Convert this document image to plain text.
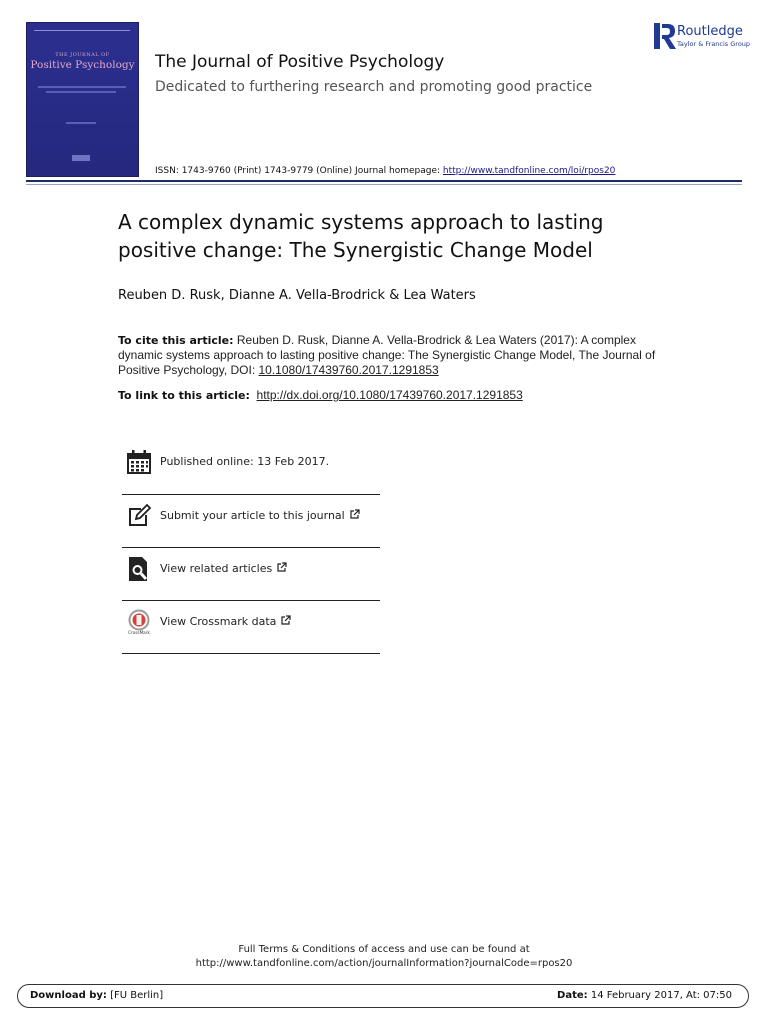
THE JOURNAL OF
Positive Psychology The Journal of Positive Psychology
Dedicated to furthering research and promoting good practice
ISSN: 1743-9760 (Print) 1743-9779 (Online) Journal homepage: http://www.tandfonline.com/loi/rpos20
Routledge
Taylor & Francis Group
A complex dynamic systems approach to lasting positive change: The Synergistic Change Model
Reuben D. Rusk, Dianne A. Vella-Brodrick & Lea Waters
To cite this article: Reuben D. Rusk, Dianne A. Vella-Brodrick & Lea Waters (2017): A complex dynamic systems approach to lasting positive change: The Synergistic Change Model, The Journal of Positive Psychology, DOI: 10.1080/17439760.2017.1291853
To link to this article: http://dx.doi.org/10.1080/17439760.2017.1291853
Published online: 13 Feb 2017.
Submit your article to this journal
View related articles
CrossMark
View Crossmark data
Full Terms & Conditions of access and use can be found at
http://www.tandfonline.com/action/journalInformation?journalCode=rpos20
Download by: [FU Berlin]	Date: 14 February 2017, At: 07:50
